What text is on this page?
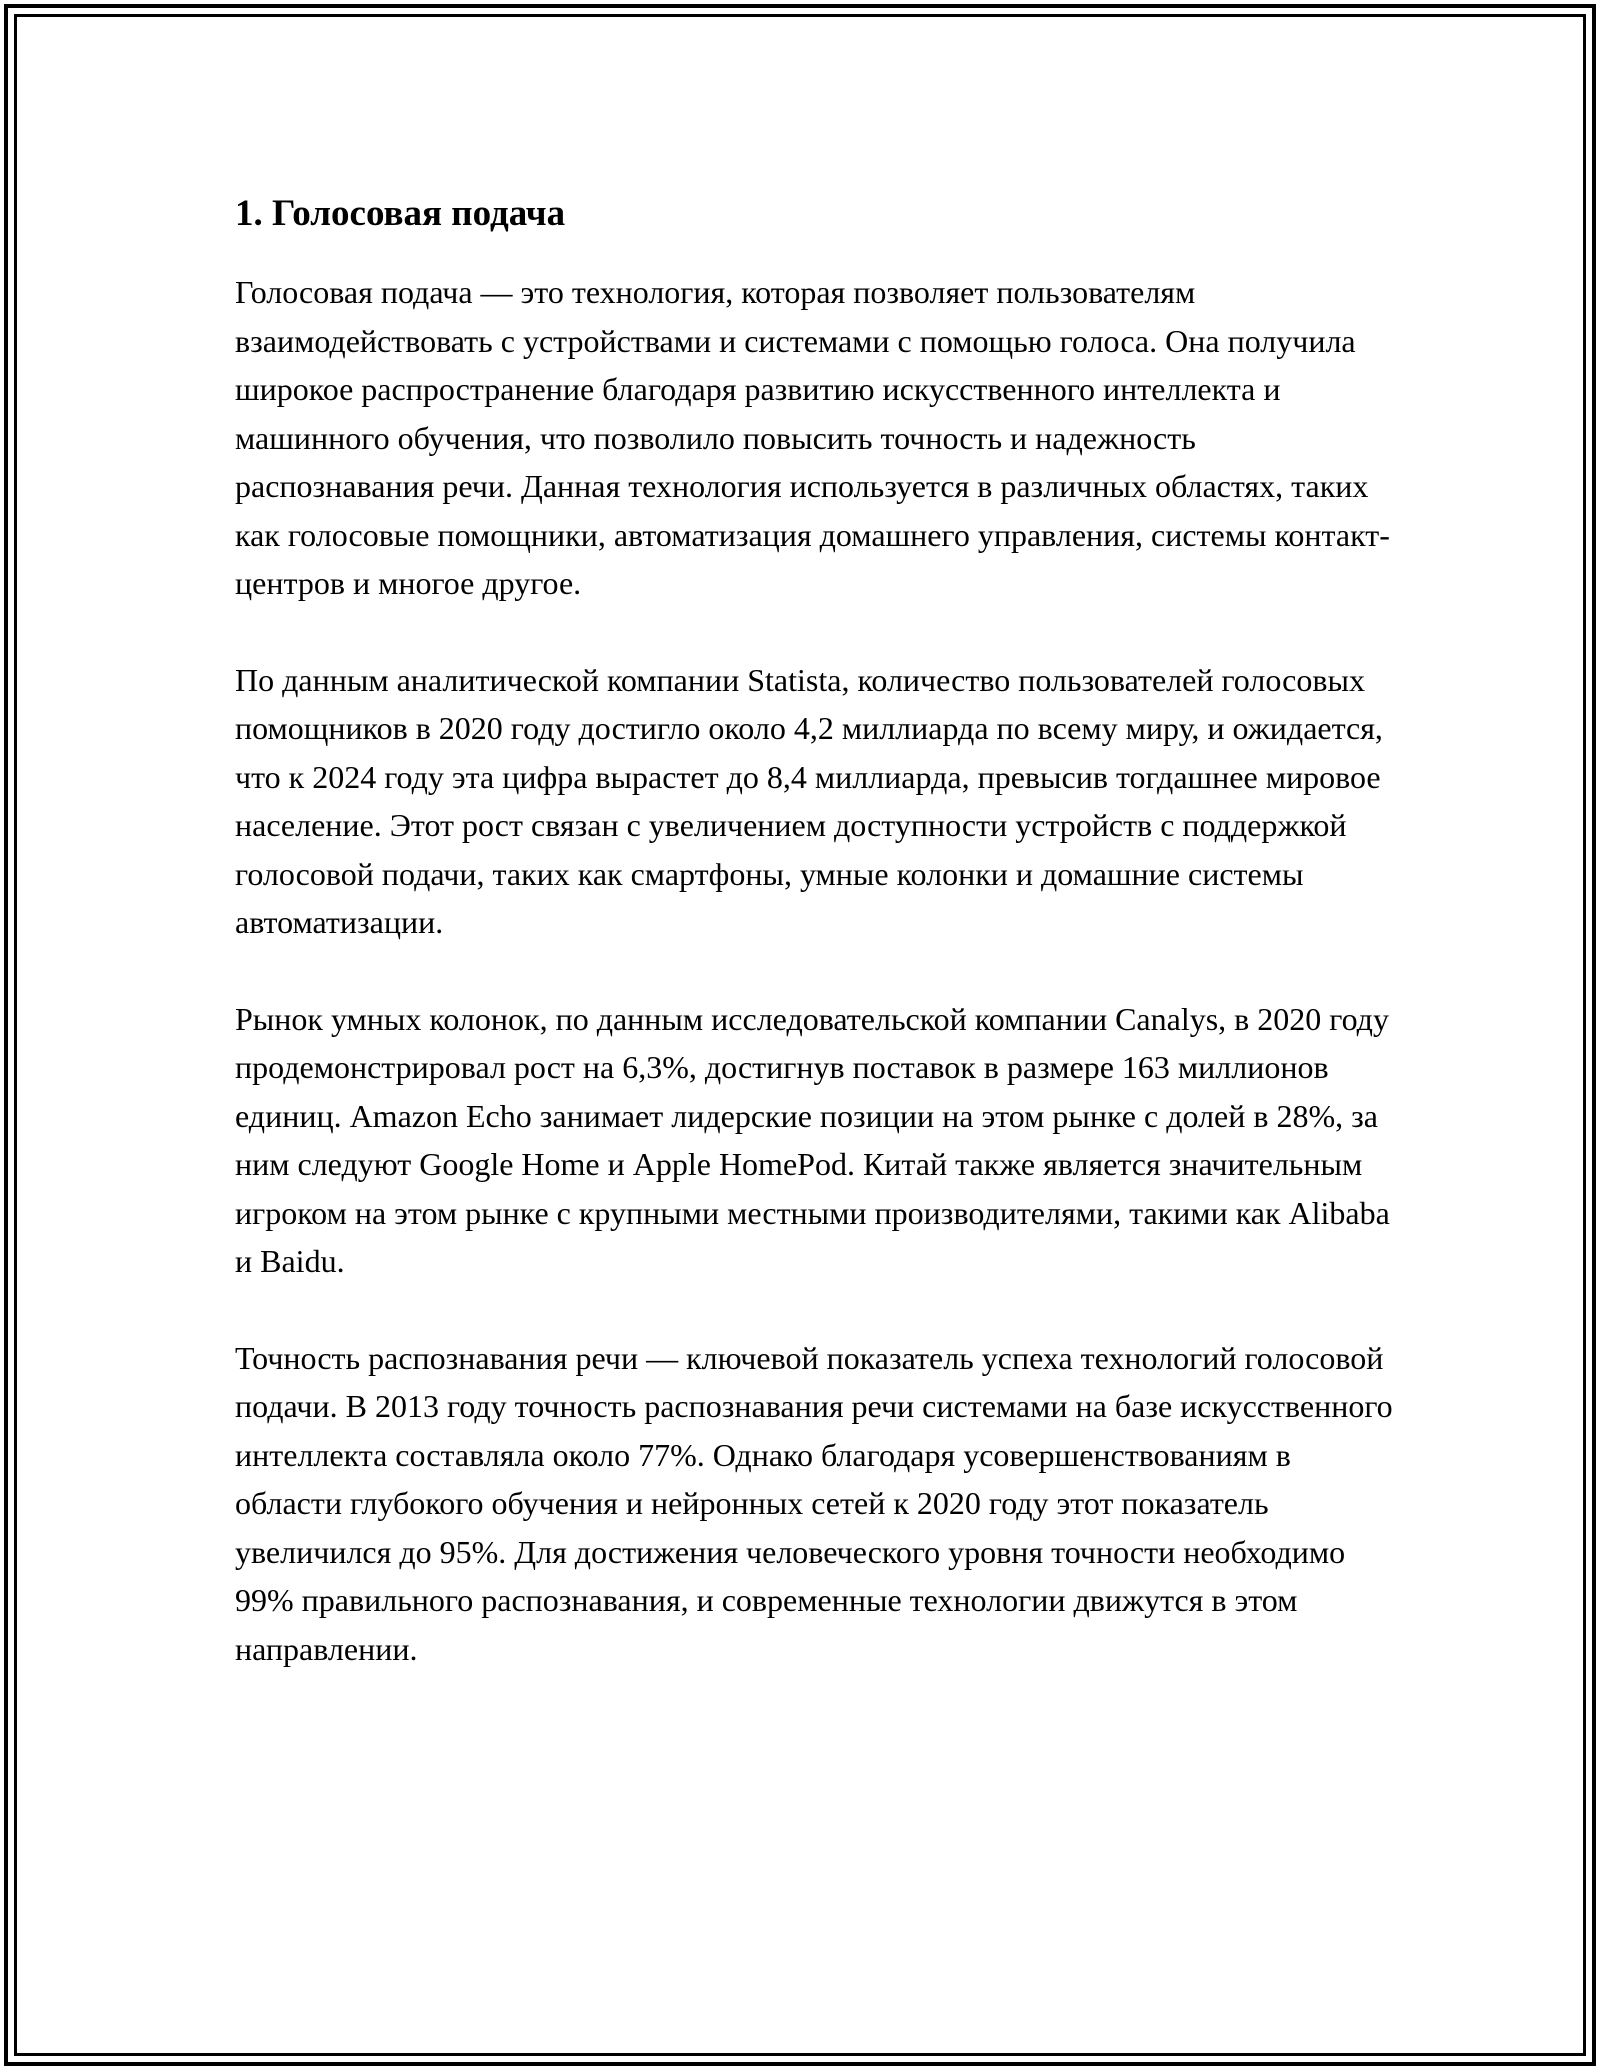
1. Голосовая подача

Голосовая подача — это технология, которая позволяет пользователям взаимодействовать с устройствами и системами с помощью голоса. Она получила широкое распространение благодаря развитию искусственного интеллекта и машинного обучения, что позволило повысить точность и надежность распознавания речи. Данная технология используется в различных областях, таких как голосовые помощники, автоматизация домашнего управления, системы контакт-центров и многое другое.

По данным аналитической компании Statista, количество пользователей голосовых помощников в 2020 году достигло около 4,2 миллиарда по всему миру, и ожидается, что к 2024 году эта цифра вырастет до 8,4 миллиарда, превысив тогдашнее мировое население. Этот рост связан с увеличением доступности устройств с поддержкой голосовой подачи, таких как смартфоны, умные колонки и домашние системы автоматизации.

Рынок умных колонок, по данным исследовательской компании Canalys, в 2020 году продемонстрировал рост на 6,3%, достигнув поставок в размере 163 миллионов единиц. Amazon Echo занимает лидерские позиции на этом рынке с долей в 28%, за ним следуют Google Home и Apple HomePod. Китай также является значительным игроком на этом рынке с крупными местными производителями, такими как Alibaba и Baidu.

Точность распознавания речи — ключевой показатель успеха технологий голосовой подачи. В 2013 году точность распознавания речи системами на базе искусственного интеллекта составляла около 77%. Однако благодаря усовершенствованиям в области глубокого обучения и нейронных сетей к 2020 году этот показатель увеличился до 95%. Для достижения человеческого уровня точности необходимо 99% правильного распознавания, и современные технологии движутся в этом направлении.
